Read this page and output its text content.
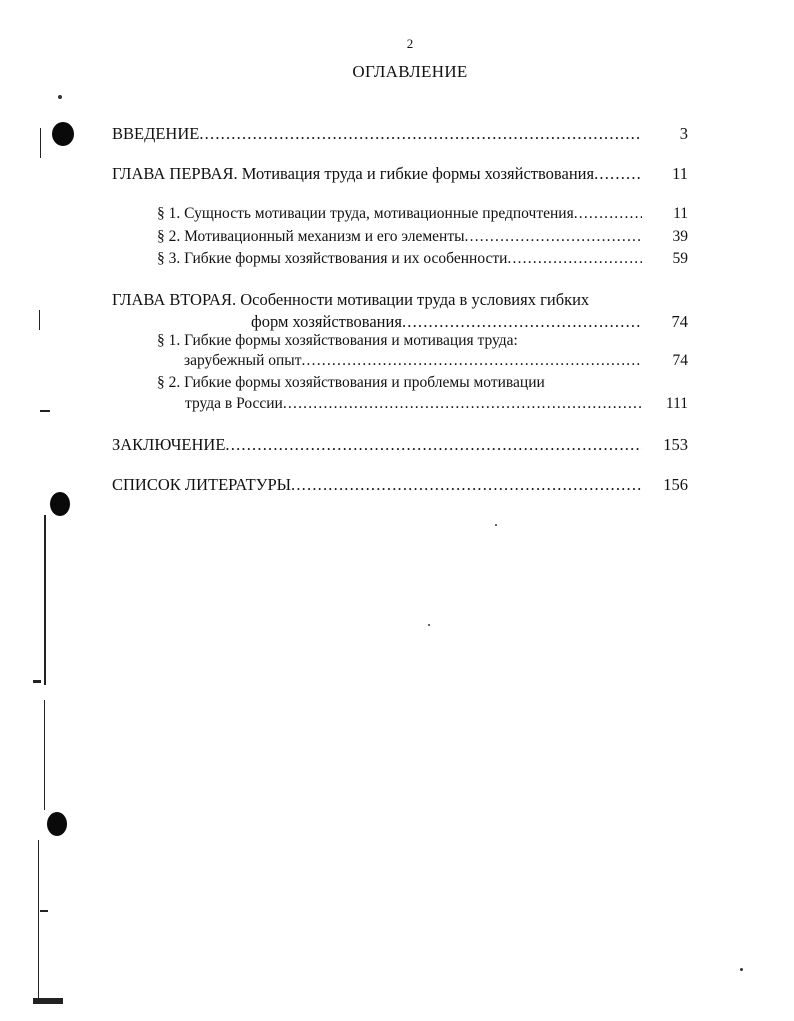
2
ОГЛАВЛЕНИЕ
ВВЕДЕНИЕ .....	3
ГЛАВА ПЕРВАЯ. Мотивация труда и гибкие формы хозяйствования .....	11
§ 1. Сущность мотивации труда, мотивационные предпочтения .....	11
§ 2. Мотивационный механизм и его элементы .....	39
§ 3. Гибкие формы хозяйствования и их особенности .....	59
ГЛАВА ВТОРАЯ. Особенности мотивации труда в условиях гибких
форм хозяйствования .....	74
§ 1. Гибкие формы хозяйствования и мотивация труда:
зарубежный опыт .....	74
§ 2. Гибкие формы хозяйствования и проблемы мотивации
труда в России .....	111
ЗАКЛЮЧЕНИЕ .....	153
СПИСОК ЛИТЕРАТУРЫ .....	156
